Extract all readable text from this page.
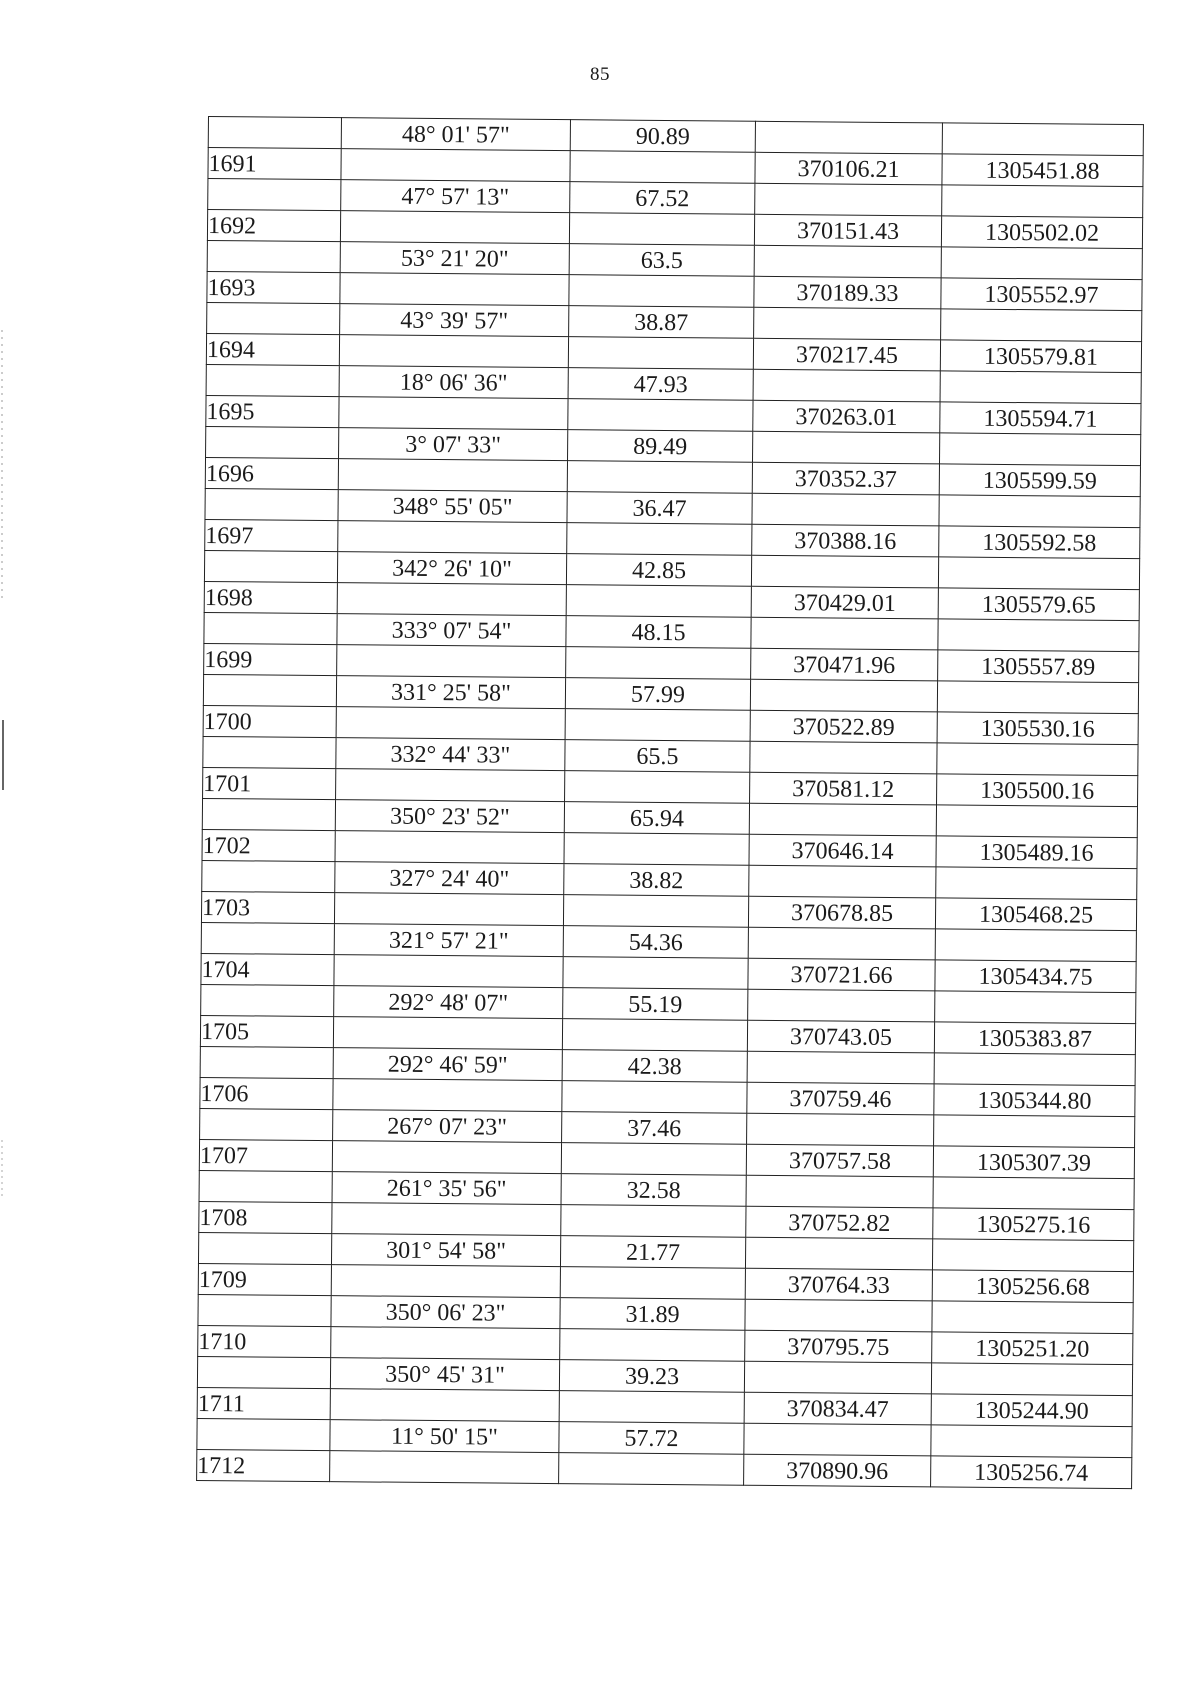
85

	48° 01' 57"	90.89		

1691			370106.21	1305451.88

	47° 57' 13"	67.52		

1692			370151.43	1305502.02

	53° 21' 20"	63.5		

1693			370189.33	1305552.97

	43° 39' 57"	38.87		

1694			370217.45	1305579.81

	18° 06' 36"	47.93		

1695			370263.01	1305594.71

	3° 07' 33"	89.49		

1696			370352.37	1305599.59

	348° 55' 05"	36.47		

1697			370388.16	1305592.58

	342° 26' 10"	42.85		

1698			370429.01	1305579.65

	333° 07' 54"	48.15		

1699			370471.96	1305557.89

	331° 25' 58"	57.99		

1700			370522.89	1305530.16

	332° 44' 33"	65.5		

1701			370581.12	1305500.16

	350° 23' 52"	65.94		

1702			370646.14	1305489.16

	327° 24' 40"	38.82		

1703			370678.85	1305468.25

	321° 57' 21"	54.36		

1704			370721.66	1305434.75

	292° 48' 07"	55.19		

1705			370743.05	1305383.87

	292° 46' 59"	42.38		

1706			370759.46	1305344.80

	267° 07' 23"	37.46		

1707			370757.58	1305307.39

	261° 35' 56"	32.58		

1708			370752.82	1305275.16

	301° 54' 58"	21.77		

1709			370764.33	1305256.68

	350° 06' 23"	31.89		

1710			370795.75	1305251.20

	350° 45' 31"	39.23		

1711			370834.47	1305244.90

	11° 50' 15"	57.72		

1712			370890.96	1305256.74
